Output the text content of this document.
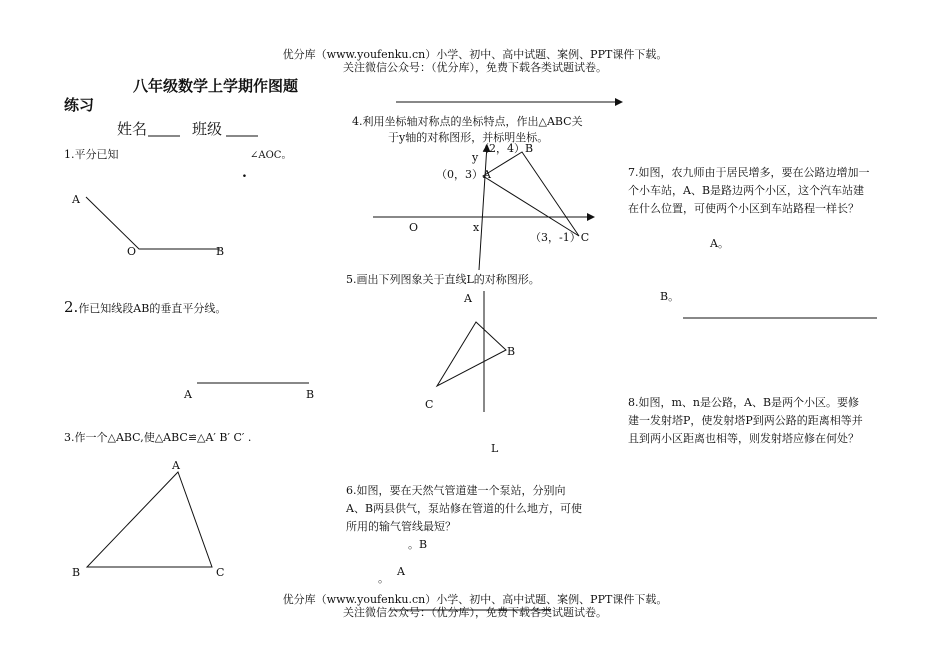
优分库（www.youfenku.cn）小学、初中、高中试题、案例、PPT课件下载。
关注微信公众号：（优分库），免费下载各类试题试卷。
八年级数学上学期作图题
练习
姓名	班级
1.平分已知	∠AOC。
.
A
O	B
2.作已知线段AB的垂直平分线。
A	B
3.作一个△ABC,使△ABC≌△A′ B′ C′ .
A
B	C
4.利用坐标轴对称点的坐标特点，作出△ABC关
于y轴的对称图形，并标明坐标。
（2，4）B
y
（0，3）A
O	x
（3，-1）C
5.画出下列图象关于直线L的对称图形。
A
B
C
L
6.如图，要在天然气管道建一个泵站，分别向
A、B两县供气，泵站修在管道的什么地方，可使
所用的输气管线最短？
。B
A
。
7.如图，农九师由于居民增多，要在公路边增加一
个小车站，A、B是路边两个小区，这个汽车站建
在什么位置，可使两个小区到车站路程一样长？
A。
B。
8.如图，m、n是公路，A、B是两个小区。要修
建一发射塔P，使发射塔P到两公路的距离相等并
且到两小区距离也相等，则发射塔应修在何处？
优分库（www.youfenku.cn）小学、初中、高中试题、案例、PPT课件下载。
关注微信公众号：（优分库），免费下载各类试题试卷。
